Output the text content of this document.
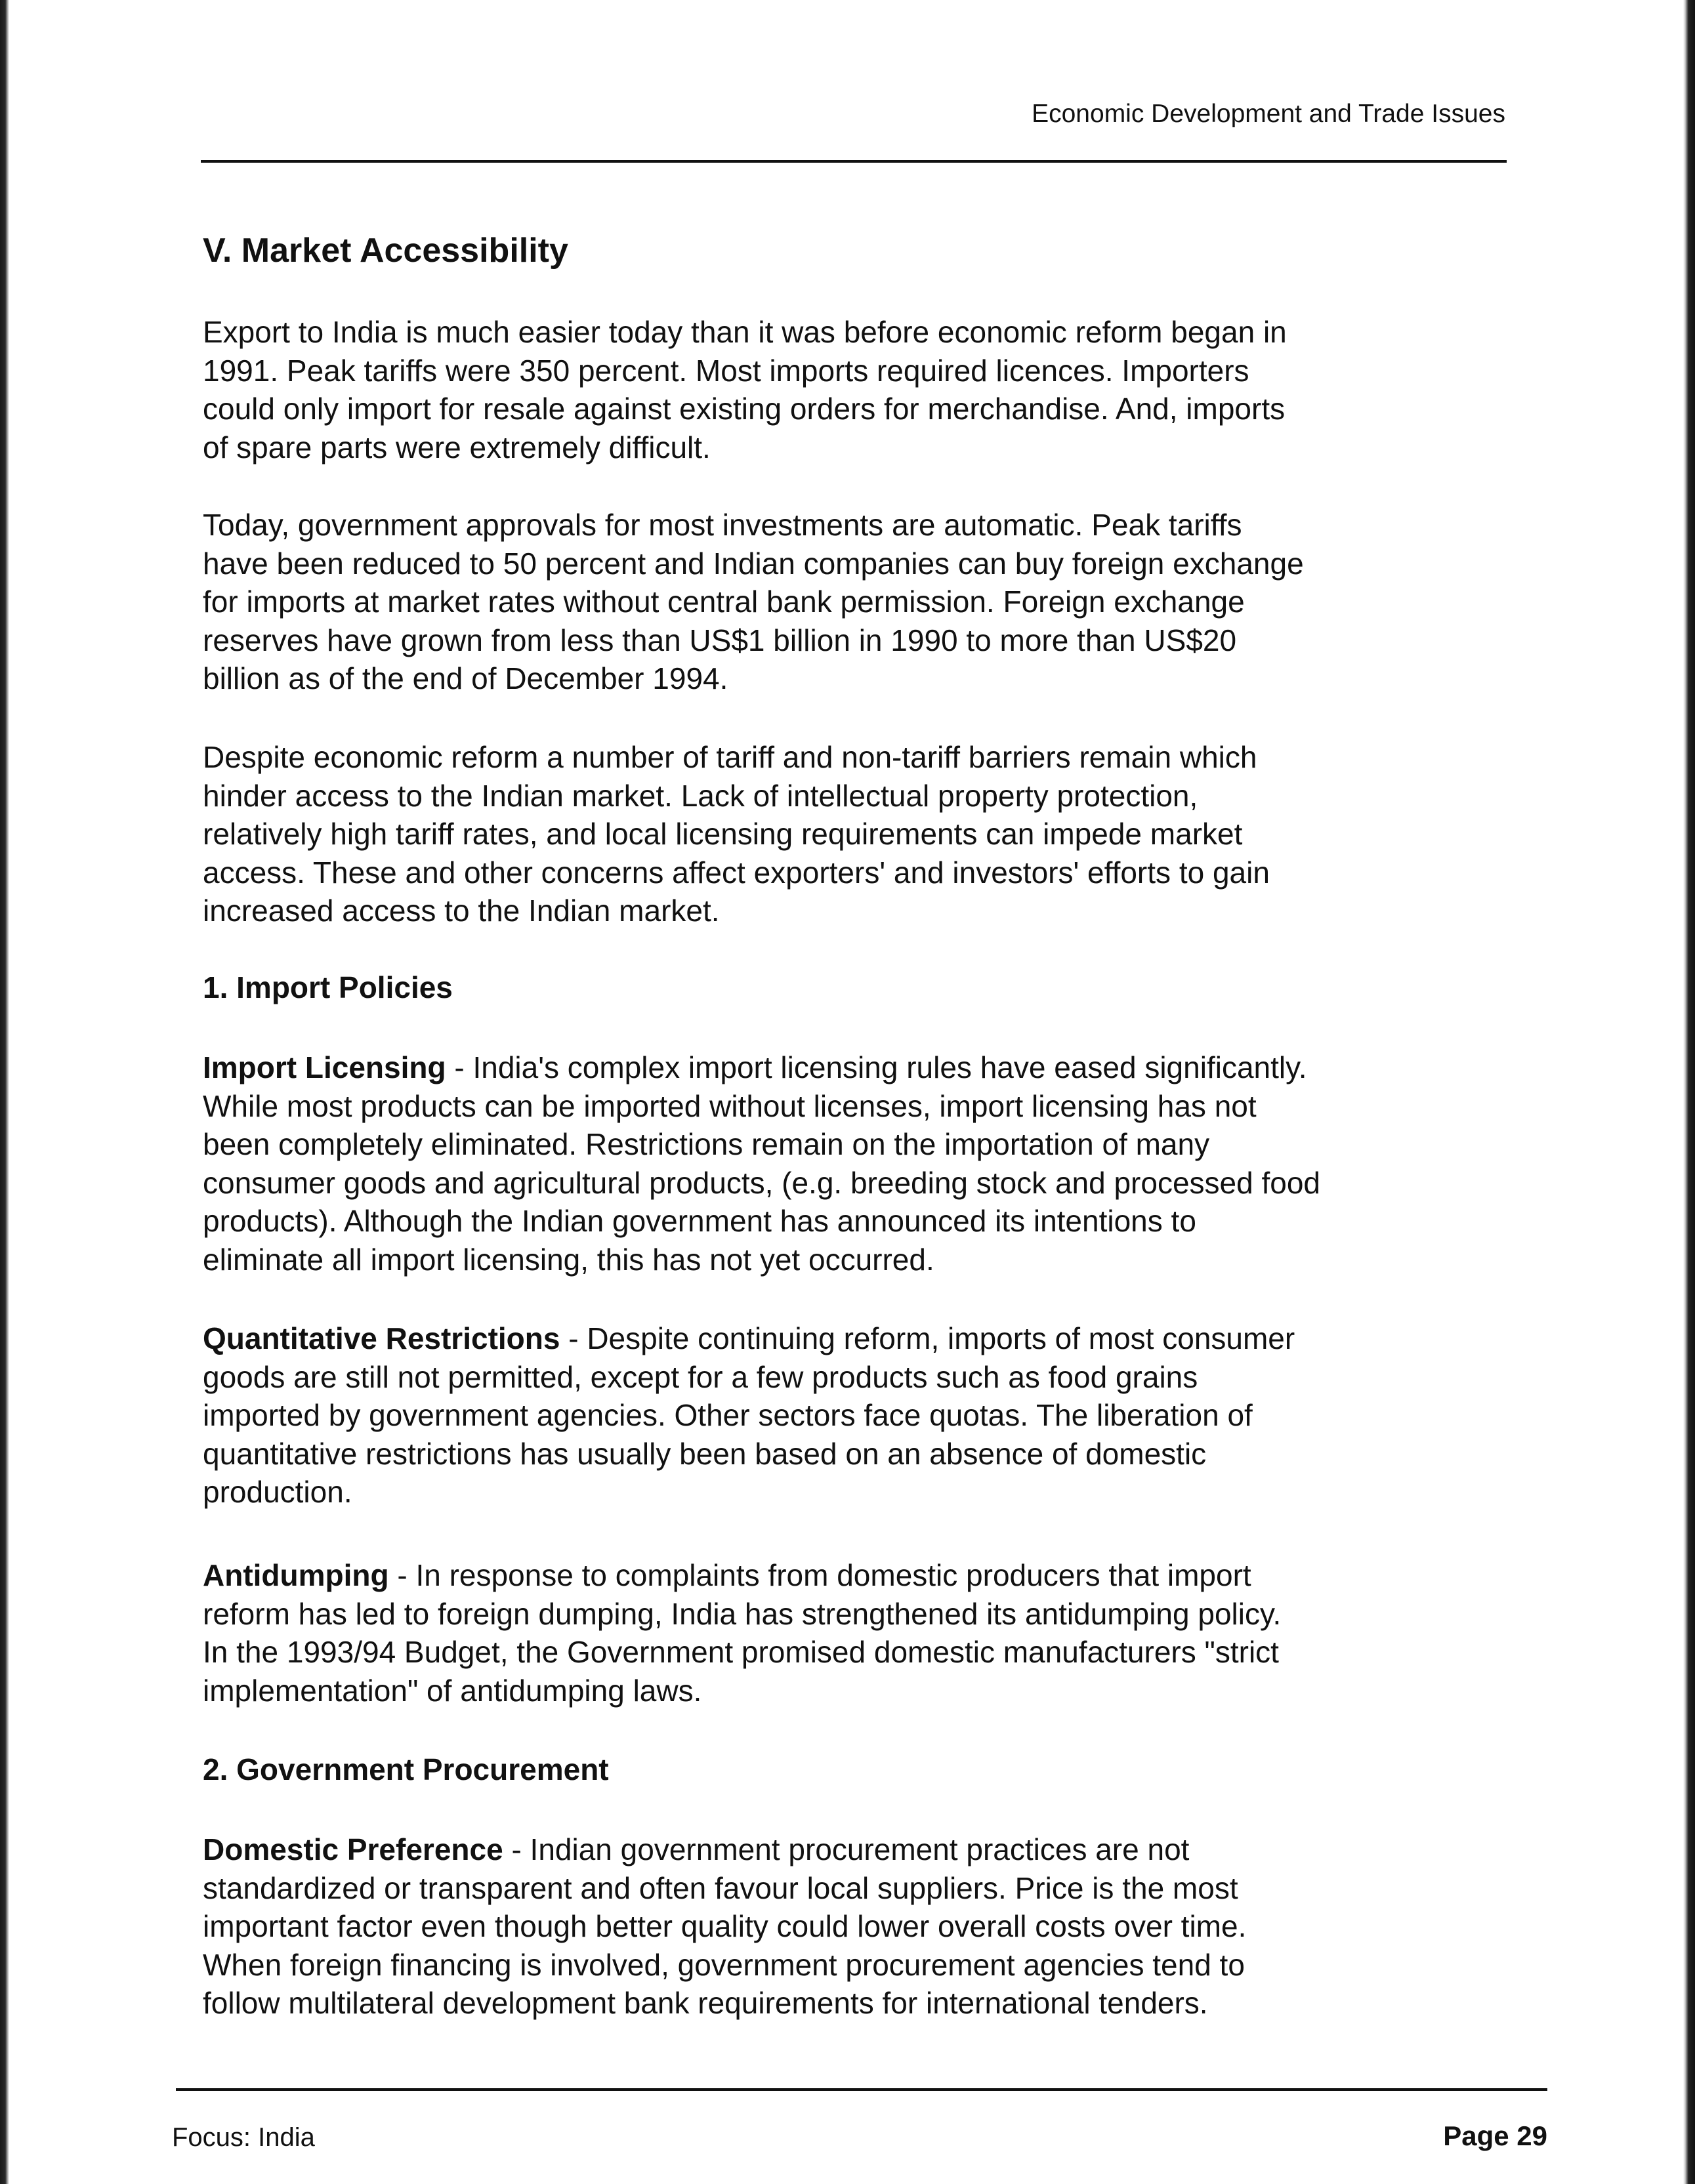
Economic Development and Trade Issues
V. Market Accessibility

Export to India is much easier today than it was before economic reform began in
1991. Peak tariffs were 350 percent. Most imports required licences. Importers
could only import for resale against existing orders for merchandise. And, imports
of spare parts were extremely difficult.

Today, government approvals for most investments are automatic. Peak tariffs
have been reduced to 50 percent and Indian companies can buy foreign exchange
for imports at market rates without central bank permission. Foreign exchange
reserves have grown from less than US$1 billion in 1990 to more than US$20
billion as of the end of December 1994.

Despite economic reform a number of tariff and non-tariff barriers remain which
hinder access to the Indian market. Lack of intellectual property protection,
relatively high tariff rates, and local licensing requirements can impede market
access. These and other concerns affect exporters' and investors' efforts to gain
increased access to the Indian market.

1. Import Policies

Import Licensing - India's complex import licensing rules have eased significantly.
While most products can be imported without licenses, import licensing has not
been completely eliminated. Restrictions remain on the importation of many
consumer goods and agricultural products, (e.g. breeding stock and processed food
products). Although the Indian government has announced its intentions to
eliminate all import licensing, this has not yet occurred.

Quantitative Restrictions - Despite continuing reform, imports of most consumer
goods are still not permitted, except for a few products such as food grains
imported by government agencies. Other sectors face quotas. The liberation of
quantitative restrictions has usually been based on an absence of domestic
production.

Antidumping - In response to complaints from domestic producers that import
reform has led to foreign dumping, India has strengthened its antidumping policy.
In the 1993/94 Budget, the Government promised domestic manufacturers "strict
implementation" of antidumping laws.

2. Government Procurement

Domestic Preference - Indian government procurement practices are not
standardized or transparent and often favour local suppliers. Price is the most
important factor even though better quality could lower overall costs over time.
When foreign financing is involved, government procurement agencies tend to
follow multilateral development bank requirements for international tenders.

Focus: India	Page 29
